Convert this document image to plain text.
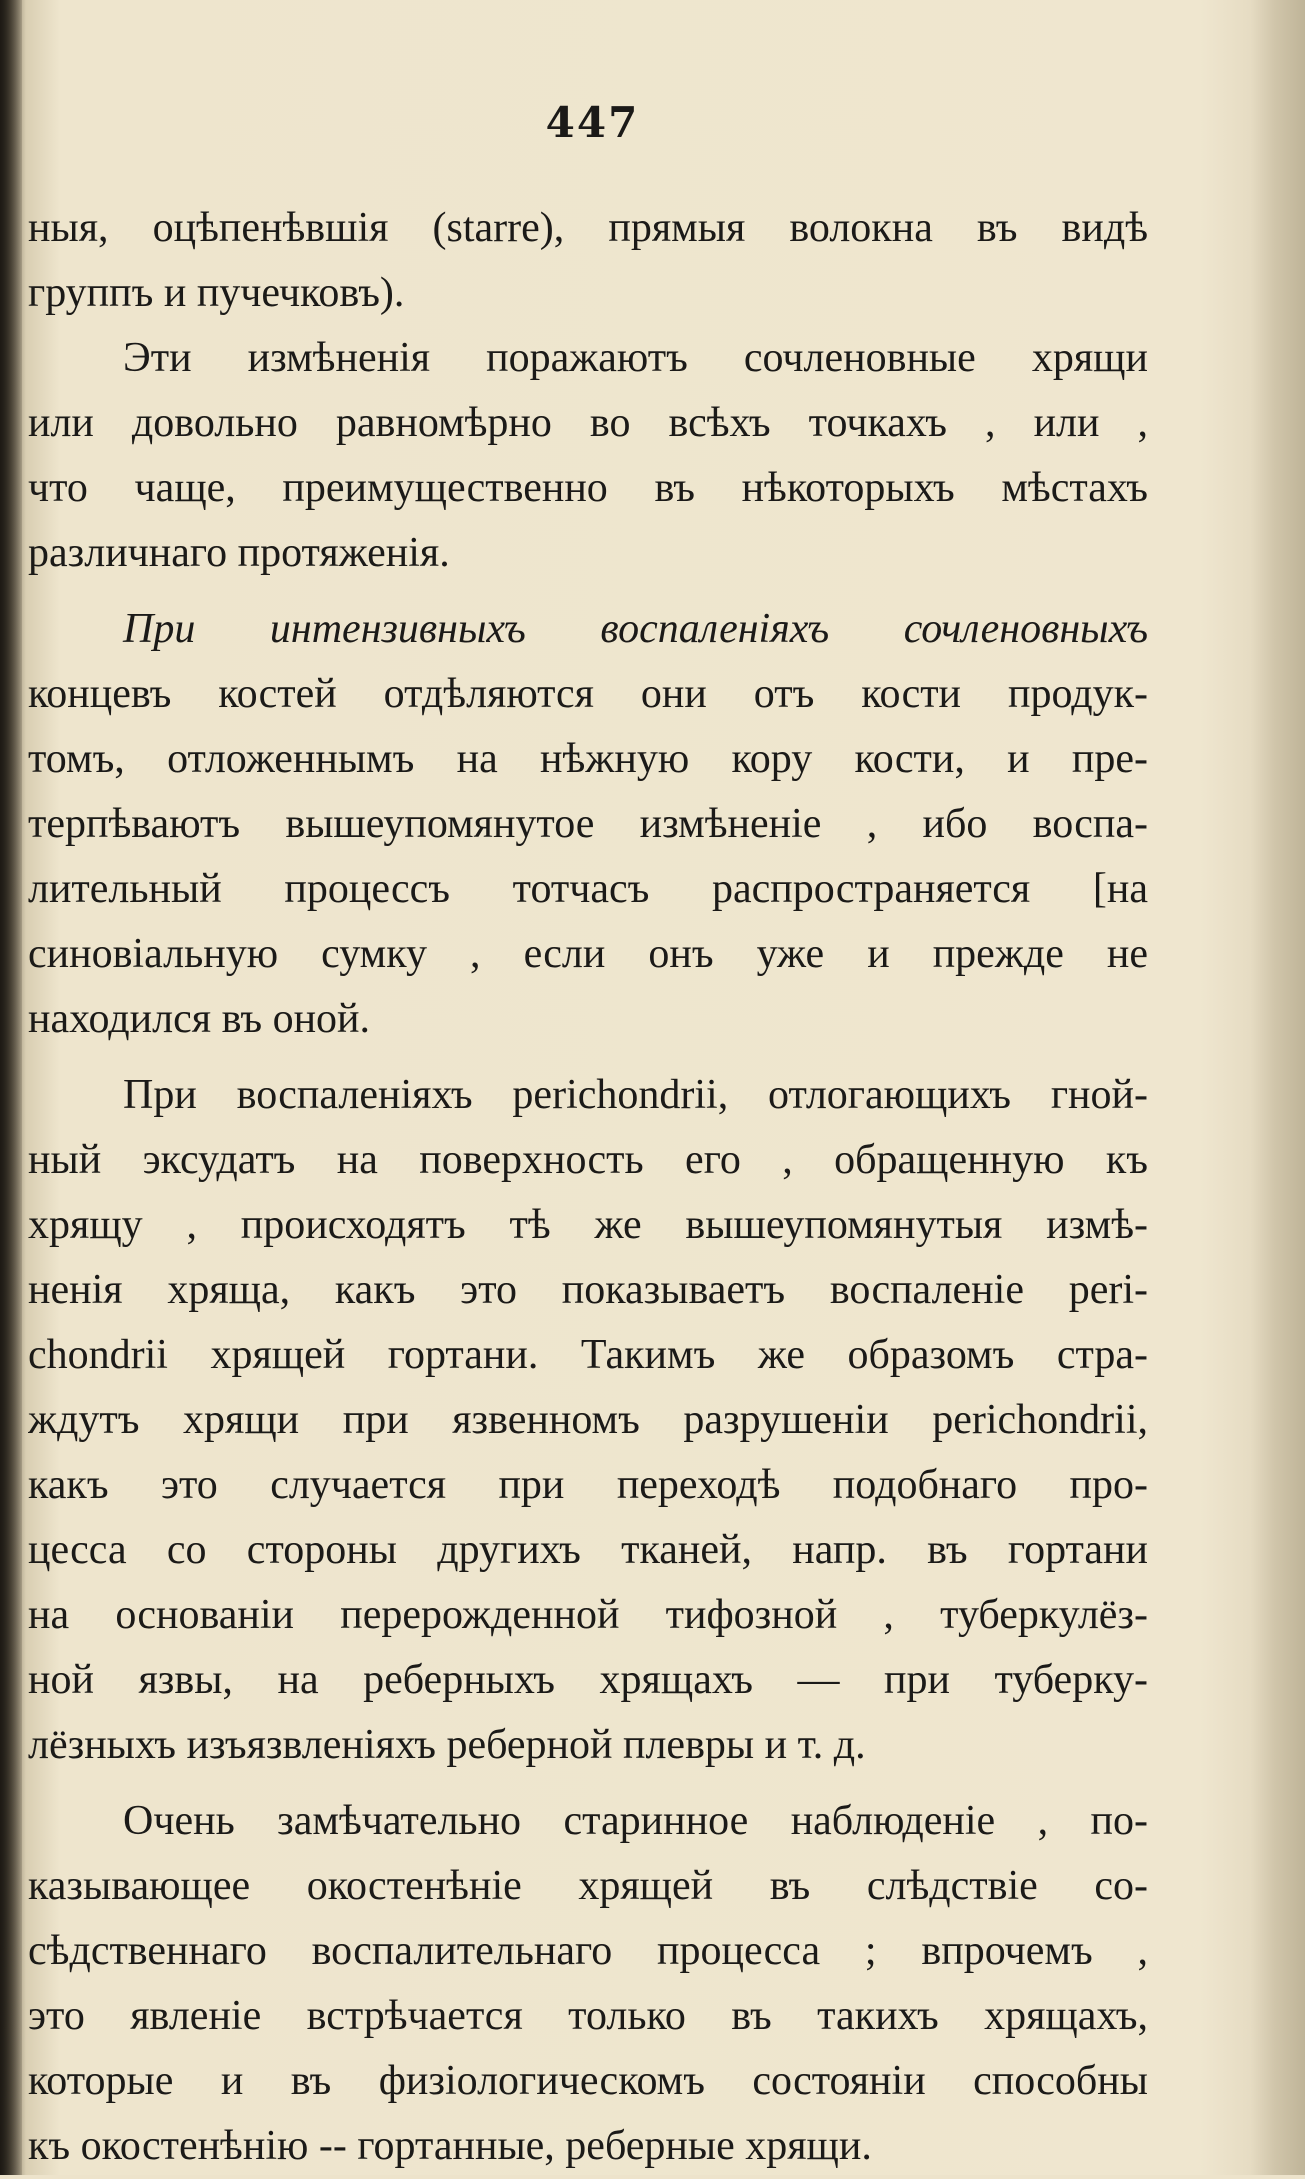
447
ныя, оцѣпенѣвшія (starre), прямыя волокна въ видѣ
группъ и пучечковъ).
Эти измѣненія поражаютъ сочленовные хрящи
или довольно равномѣрно во всѣхъ точкахъ , или ,
что чаще, преимущественно въ нѣкоторыхъ мѣстахъ
различнаго протяженія.
При интензивныхъ воспаленіяхъ сочленовныхъ
концевъ костей отдѣляются они отъ кости продук-
томъ, отложеннымъ на нѣжную кору кости, и пре-
терпѣваютъ вышеупомянутое измѣненіе , ибо воспа-
лительный процессъ тотчасъ распространяется [на
синовіальную сумку , если онъ уже и прежде не
находился въ оной.
При воспаленіяхъ perichondrii, отлогающихъ гной-
ный эксудатъ на поверхность его , обращенную къ
хрящу , происходятъ тѣ же вышеупомянутыя измѣ-
ненія хряща, какъ это показываетъ воспаленіе peri-
chondrii хрящей гортани. Такимъ же образомъ стра-
ждутъ хрящи при язвенномъ разрушеніи perichondrii,
какъ это случается при переходѣ подобнаго про-
цесса со стороны другихъ тканей, напр. въ гортани
на основаніи перерожденной тифозной , туберкулёз-
ной язвы, на реберныхъ хрящахъ — при туберку-
лёзныхъ изъязвленіяхъ реберной плевры и т. д.
Очень замѣчательно старинное наблюденіе , по-
казывающее окостенѣніе хрящей въ слѣдствіе со-
сѣдственнаго воспалительнаго процесса ; впрочемъ ,
это явленіе встрѣчается только въ такихъ хрящахъ,
которые и въ физіологическомъ состояніи способны
къ окостенѣнію -- гортанные, реберные хрящи.
